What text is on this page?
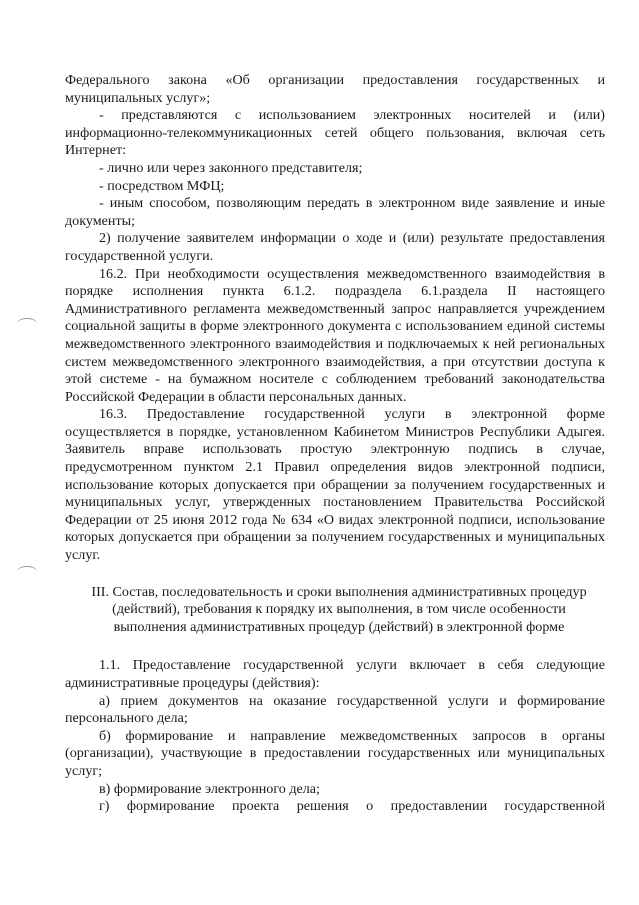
Федерального закона «Об организации предоставления государственных и муниципальных услуг»;

- представляются с использованием электронных носителей и (или) информационно-телекоммуникационных сетей общего пользования, включая сеть Интернет:

- лично или через законного представителя;

- посредством МФЦ;

- иным способом, позволяющим передать в электронном виде заявление и иные документы;

2) получение заявителем информации о ходе и (или) результате предоставления государственной услуги.

16.2. При необходимости осуществления межведомственного взаимодействия в порядке исполнения пункта 6.1.2. подраздела 6.1.раздела II настоящего Административного регламента межведомственный запрос направляется учреждением социальной защиты в форме электронного документа с использованием единой системы межведомственного электронного взаимодействия и подключаемых к ней региональных систем межведомственного электронного взаимодействия, а при отсутствии доступа к этой системе - на бумажном носителе с соблюдением требований законодательства Российской Федерации в области персональных данных.

16.3. Предоставление государственной услуги в электронной форме осуществляется в порядке, установленном Кабинетом Министров Республики Адыгея. Заявитель вправе использовать простую электронную подпись в случае, предусмотренном пунктом 2.1 Правил определения видов электронной подписи, использование которых допускается при обращении за получением государственных и муниципальных услуг, утвержденных постановлением Правительства Российской Федерации от 25 июня 2012 года № 634 «О видах электронной подписи, использование которых допускается при обращении за получением государственных и муниципальных услуг.

III. Состав, последовательность и сроки выполнения административных процедур
(действий), требования к порядку их выполнения, в том числе особенности
выполнения административных процедур (действий) в электронной форме

1.1. Предоставление государственной услуги включает в себя следующие административные процедуры (действия):

а) прием документов на оказание государственной услуги и формирование персонального дела;

б) формирование и направление межведомственных запросов в органы (организации), участвующие в предоставлении государственных или муниципальных услуг;

в) формирование электронного дела;

г) формирование проекта решения о предоставлении государственной
